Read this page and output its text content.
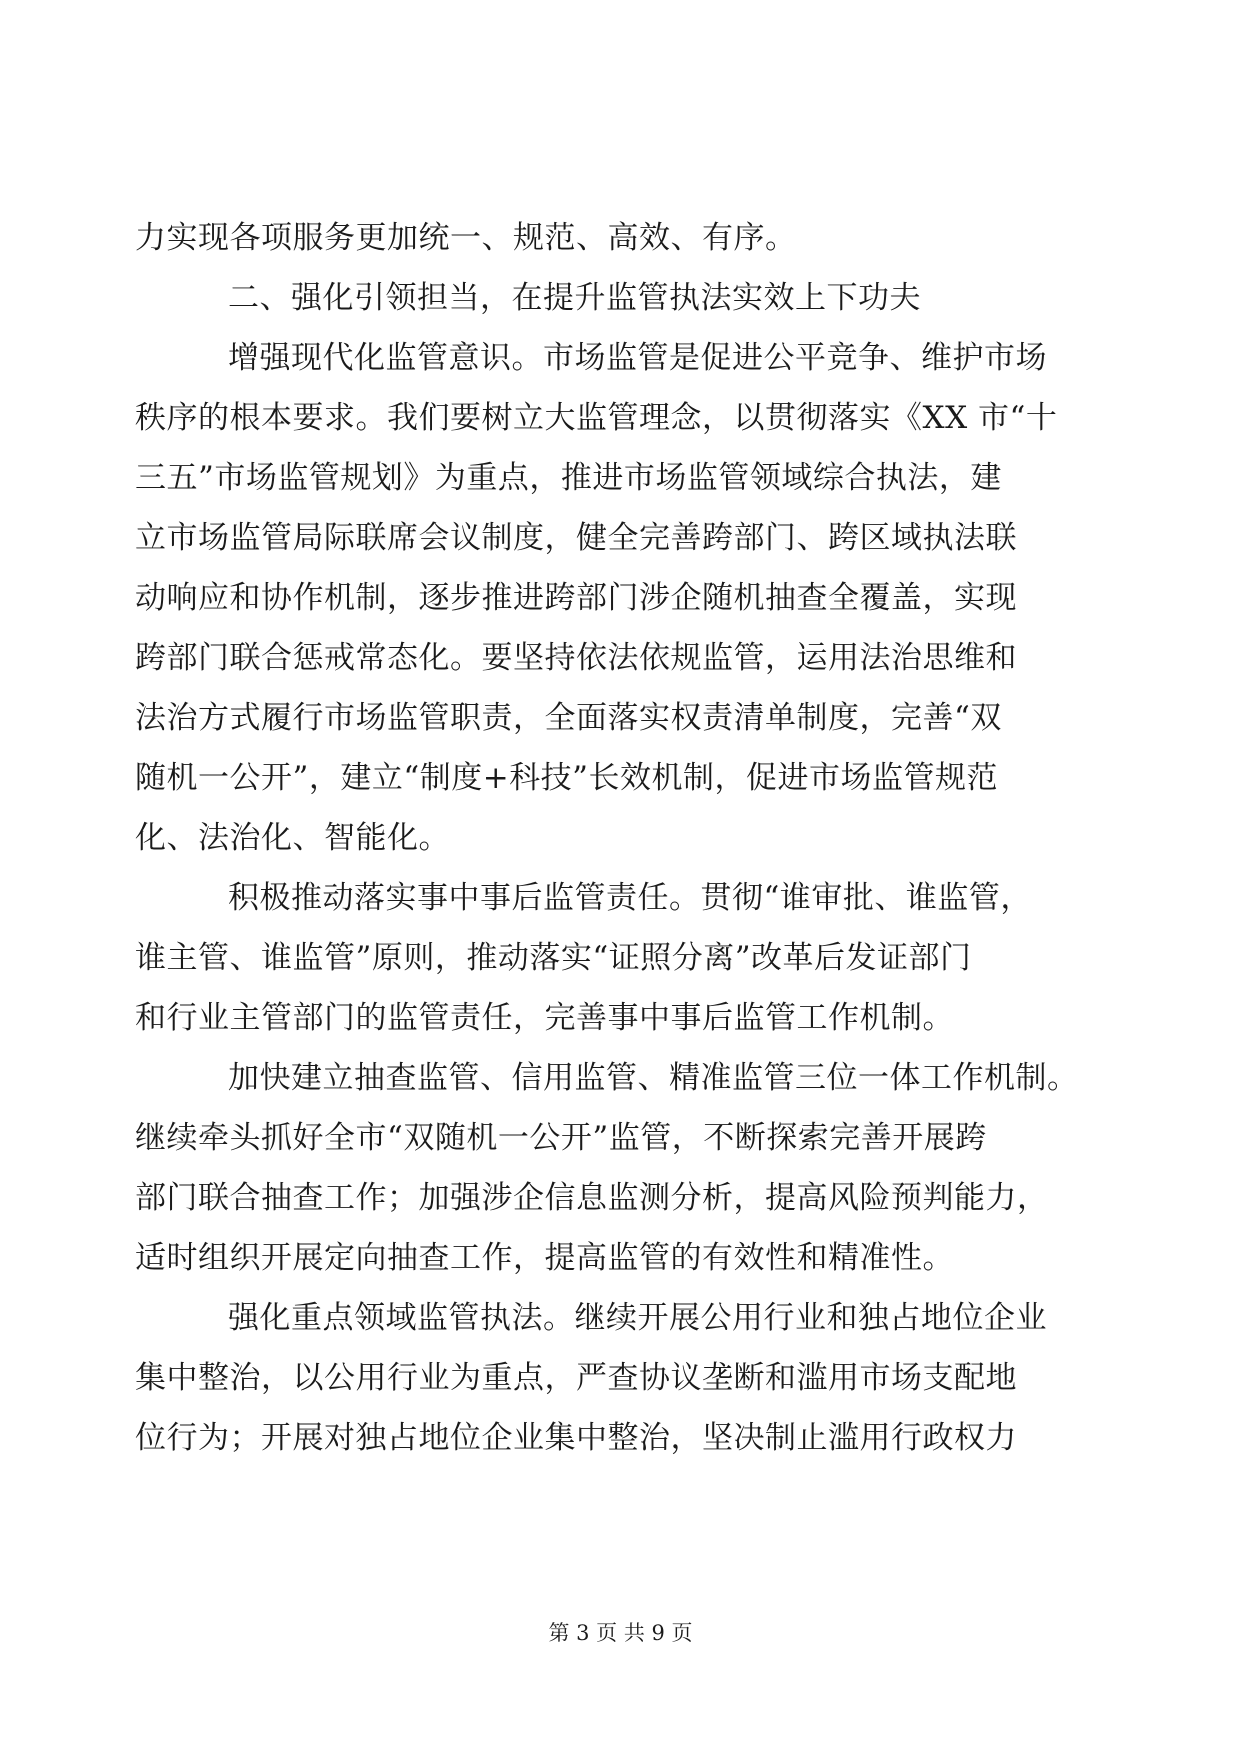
力实现各项服务更加统一、规范、高效、有序。
二、强化引领担当，在提升监管执法实效上下功夫
增强现代化监管意识。市场监管是促进公平竞争、维护市场
秩序的根本要求。我们要树立大监管理念，以贯彻落实《XX 市“十
三五”市场监管规划》为重点，推进市场监管领域综合执法，建
立市场监管局际联席会议制度，健全完善跨部门、跨区域执法联
动响应和协作机制，逐步推进跨部门涉企随机抽查全覆盖，实现
跨部门联合惩戒常态化。要坚持依法依规监管，运用法治思维和
法治方式履行市场监管职责，全面落实权责清单制度，完善“双
随机一公开”，建立“制度+科技”长效机制，促进市场监管规范
化、法治化、智能化。
积极推动落实事中事后监管责任。贯彻“谁审批、谁监管，
谁主管、谁监管”原则，推动落实“证照分离”改革后发证部门
和行业主管部门的监管责任，完善事中事后监管工作机制。
加快建立抽查监管、信用监管、精准监管三位一体工作机制。
继续牵头抓好全市“双随机一公开”监管，不断探索完善开展跨
部门联合抽查工作；加强涉企信息监测分析，提高风险预判能力，
适时组织开展定向抽查工作，提高监管的有效性和精准性。
强化重点领域监管执法。继续开展公用行业和独占地位企业
集中整治，以公用行业为重点，严查协议垄断和滥用市场支配地
位行为；开展对独占地位企业集中整治，坚决制止滥用行政权力
第 3 页 共 9 页
